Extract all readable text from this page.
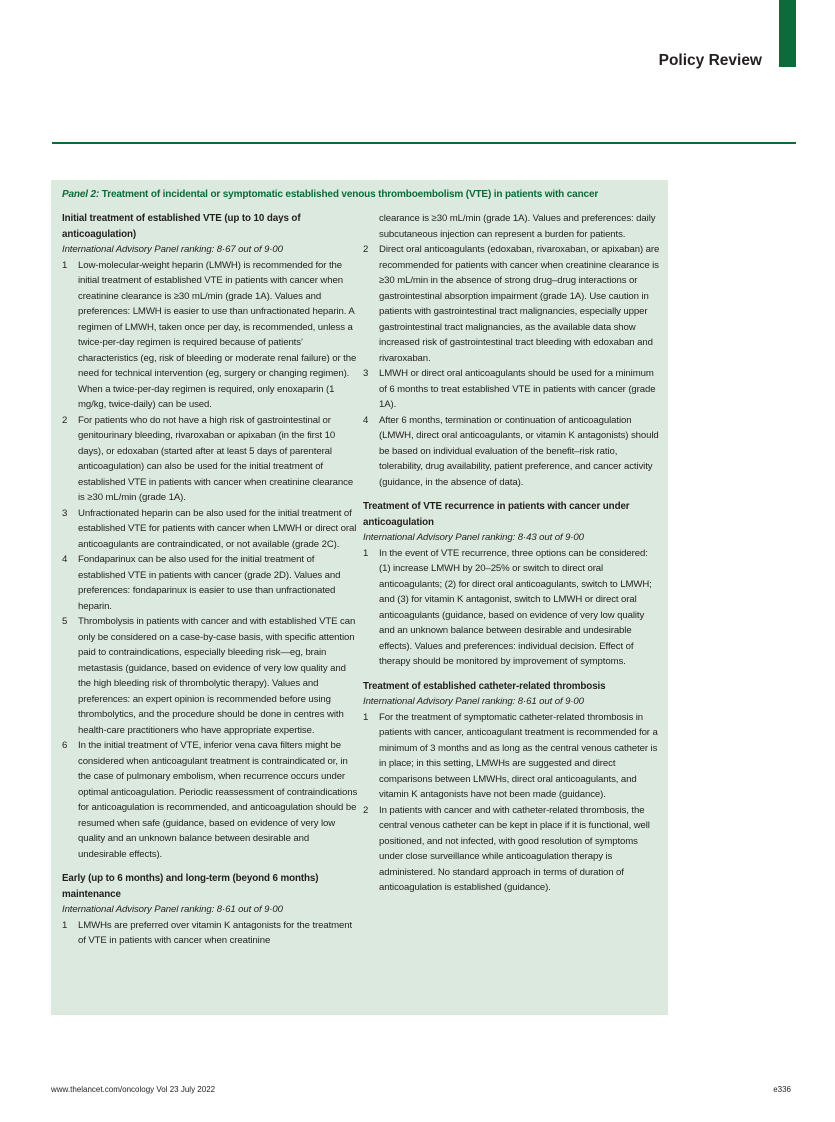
Policy Review
Panel 2: Treatment of incidental or symptomatic established venous thromboembolism (VTE) in patients with cancer

Initial treatment of established VTE (up to 10 days of anticoagulation)

International Advisory Panel ranking: 8·67 out of 9·00

1 Low-molecular-weight heparin (LMWH) is recommended for the initial treatment of established VTE in patients with cancer when creatinine clearance is ≥30 mL/min (grade 1A). Values and preferences: LMWH is easier to use than unfractionated heparin. A regimen of LMWH, taken once per day, is recommended, unless a twice-per-day regimen is required because of patients’ characteristics (eg, risk of bleeding or moderate renal failure) or the need for technical intervention (eg, surgery or changing regimen). When a twice-per-day regimen is required, only enoxaparin (1 mg/kg, twice-daily) can be used.
2 For patients who do not have a high risk of gastrointestinal or genitourinary bleeding, rivaroxaban or apixaban (in the first 10 days), or edoxaban (started after at least 5 days of parenteral anticoagulation) can also be used for the initial treatment of established VTE in patients with cancer when creatinine clearance is ≥30 mL/min (grade 1A).
3 Unfractionated heparin can be also used for the initial treatment of established VTE for patients with cancer when LMWH or direct oral anticoagulants are contraindicated, or not available (grade 2C).
4 Fondaparinux can be also used for the initial treatment of established VTE in patients with cancer (grade 2D). Values and preferences: fondaparinux is easier to use than unfractionated heparin.
5 Thrombolysis in patients with cancer and with established VTE can only be considered on a case-by-case basis, with specific attention paid to contraindications, especially bleeding risk—eg, brain metastasis (guidance, based on evidence of very low quality and the high bleeding risk of thrombolytic therapy). Values and preferences: an expert opinion is recommended before using thrombolytics, and the procedure should be done in centres with health-care practitioners who have appropriate expertise.
6 In the initial treatment of VTE, inferior vena cava filters might be considered when anticoagulant treatment is contraindicated or, in the case of pulmonary embolism, when recurrence occurs under optimal anticoagulation. Periodic reassessment of contraindications for anticoagulation is recommended, and anticoagulation should be resumed when safe (guidance, based on evidence of very low quality and an unknown balance between desirable and undesirable effects).

Early (up to 6 months) and long-term (beyond 6 months) maintenance

International Advisory Panel ranking: 8·61 out of 9·00

1 LMWHs are preferred over vitamin K antagonists for the treatment of VTE in patients with cancer when creatinine
clearance is ≥30 mL/min (grade 1A). Values and preferences: daily subcutaneous injection can represent a burden for patients.
2 Direct oral anticoagulants (edoxaban, rivaroxaban, or apixaban) are recommended for patients with cancer when creatinine clearance is ≥30 mL/min in the absence of strong drug–drug interactions or gastrointestinal absorption impairment (grade 1A). Use caution in patients with gastrointestinal tract malignancies, especially upper gastrointestinal tract malignancies, as the available data show increased risk of gastrointestinal tract bleeding with edoxaban and rivaroxaban.
3 LMWH or direct oral anticoagulants should be used for a minimum of 6 months to treat established VTE in patients with cancer (grade 1A).
4 After 6 months, termination or continuation of anticoagulation (LMWH, direct oral anticoagulants, or vitamin K antagonists) should be based on individual evaluation of the benefit–risk ratio, tolerability, drug availability, patient preference, and cancer activity (guidance, in the absence of data).

Treatment of VTE recurrence in patients with cancer under anticoagulation

International Advisory Panel ranking: 8·43 out of 9·00

1 In the event of VTE recurrence, three options can be considered: (1) increase LMWH by 20–25% or switch to direct oral anticoagulants; (2) for direct oral anticoagulants, switch to LMWH; and (3) for vitamin K antagonist, switch to LMWH or direct oral anticoagulants (guidance, based on evidence of very low quality and an unknown balance between desirable and undesirable effects). Values and preferences: individual decision. Effect of therapy should be monitored by improvement of symptoms.

Treatment of established catheter-related thrombosis

International Advisory Panel ranking: 8·61 out of 9·00

1 For the treatment of symptomatic catheter-related thrombosis in patients with cancer, anticoagulant treatment is recommended for a minimum of 3 months and as long as the central venous catheter is in place; in this setting, LMWHs are suggested and direct comparisons between LMWHs, direct oral anticoagulants, and vitamin K antagonists have not been made (guidance).
2 In patients with cancer and with catheter-related thrombosis, the central venous catheter can be kept in place if it is functional, well positioned, and not infected, with good resolution of symptoms under close surveillance while anticoagulation therapy is administered. No standard approach in terms of duration of anticoagulation is established (guidance).
www.thelancet.com/oncology Vol 23 July 2022	e336
